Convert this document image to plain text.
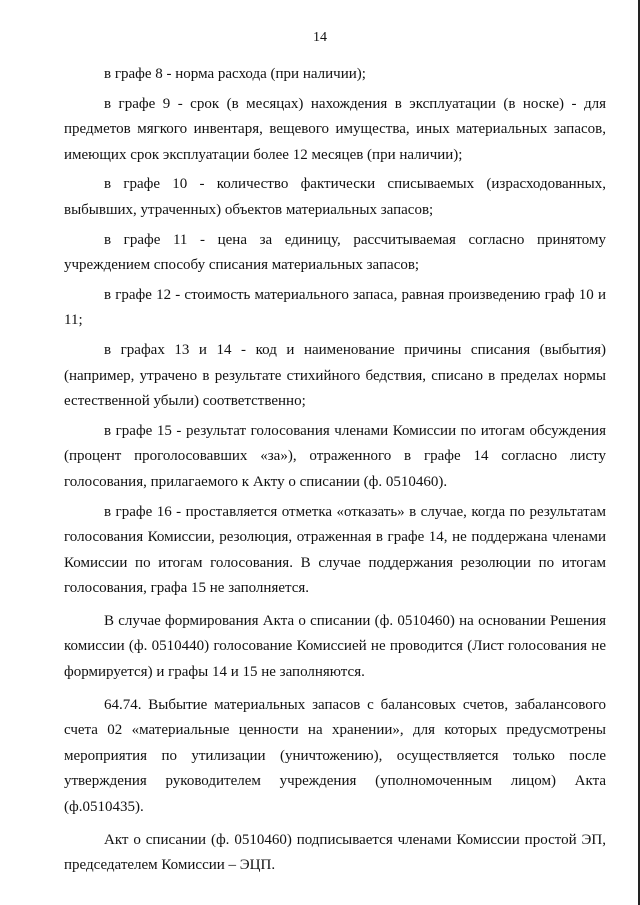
14

в графе 8 - норма расхода (при наличии);

в графе 9 - срок (в месяцах) нахождения в эксплуатации (в носке) - для предметов мягкого инвентаря, вещевого имущества, иных материальных запасов, имеющих срок эксплуатации более 12 месяцев (при наличии);

в графе 10 - количество фактически списываемых (израсходованных, выбывших, утраченных) объектов материальных запасов;

в графе 11 - цена за единицу, рассчитываемая согласно принятому учреждением способу списания материальных запасов;

в графе 12 - стоимость материального запаса, равная произведению граф 10 и 11;

в графах 13 и 14 - код и наименование причины списания (выбытия) (например, утрачено в результате стихийного бедствия, списано в пределах нормы естественной убыли) соответственно;

в графе 15 - результат голосования членами Комиссии по итогам обсуждения (процент проголосовавших «за»), отраженного в графе 14 согласно листу голосования, прилагаемого к Акту о списании (ф. 0510460).

в графе 16 - проставляется отметка «отказать» в случае, когда по результатам голосования Комиссии, резолюция, отраженная в графе 14, не поддержана членами Комиссии по итогам голосования. В случае поддержания резолюции по итогам голосования, графа 15 не заполняется.

В случае формирования Акта о списании (ф. 0510460) на основании Решения комиссии (ф. 0510440) голосование Комиссией не проводится (Лист голосования не формируется) и графы 14 и 15 не заполняются.

64.74. Выбытие материальных запасов с балансовых счетов, забалансового счета 02 «материальные ценности на хранении», для которых предусмотрены мероприятия по утилизации (уничтожению), осуществляется только после утверждения руководителем учреждения (уполномоченным лицом) Акта (ф.0510435).

Акт о списании (ф. 0510460) подписывается членами Комиссии простой ЭП, председателем Комиссии – ЭЦП.
